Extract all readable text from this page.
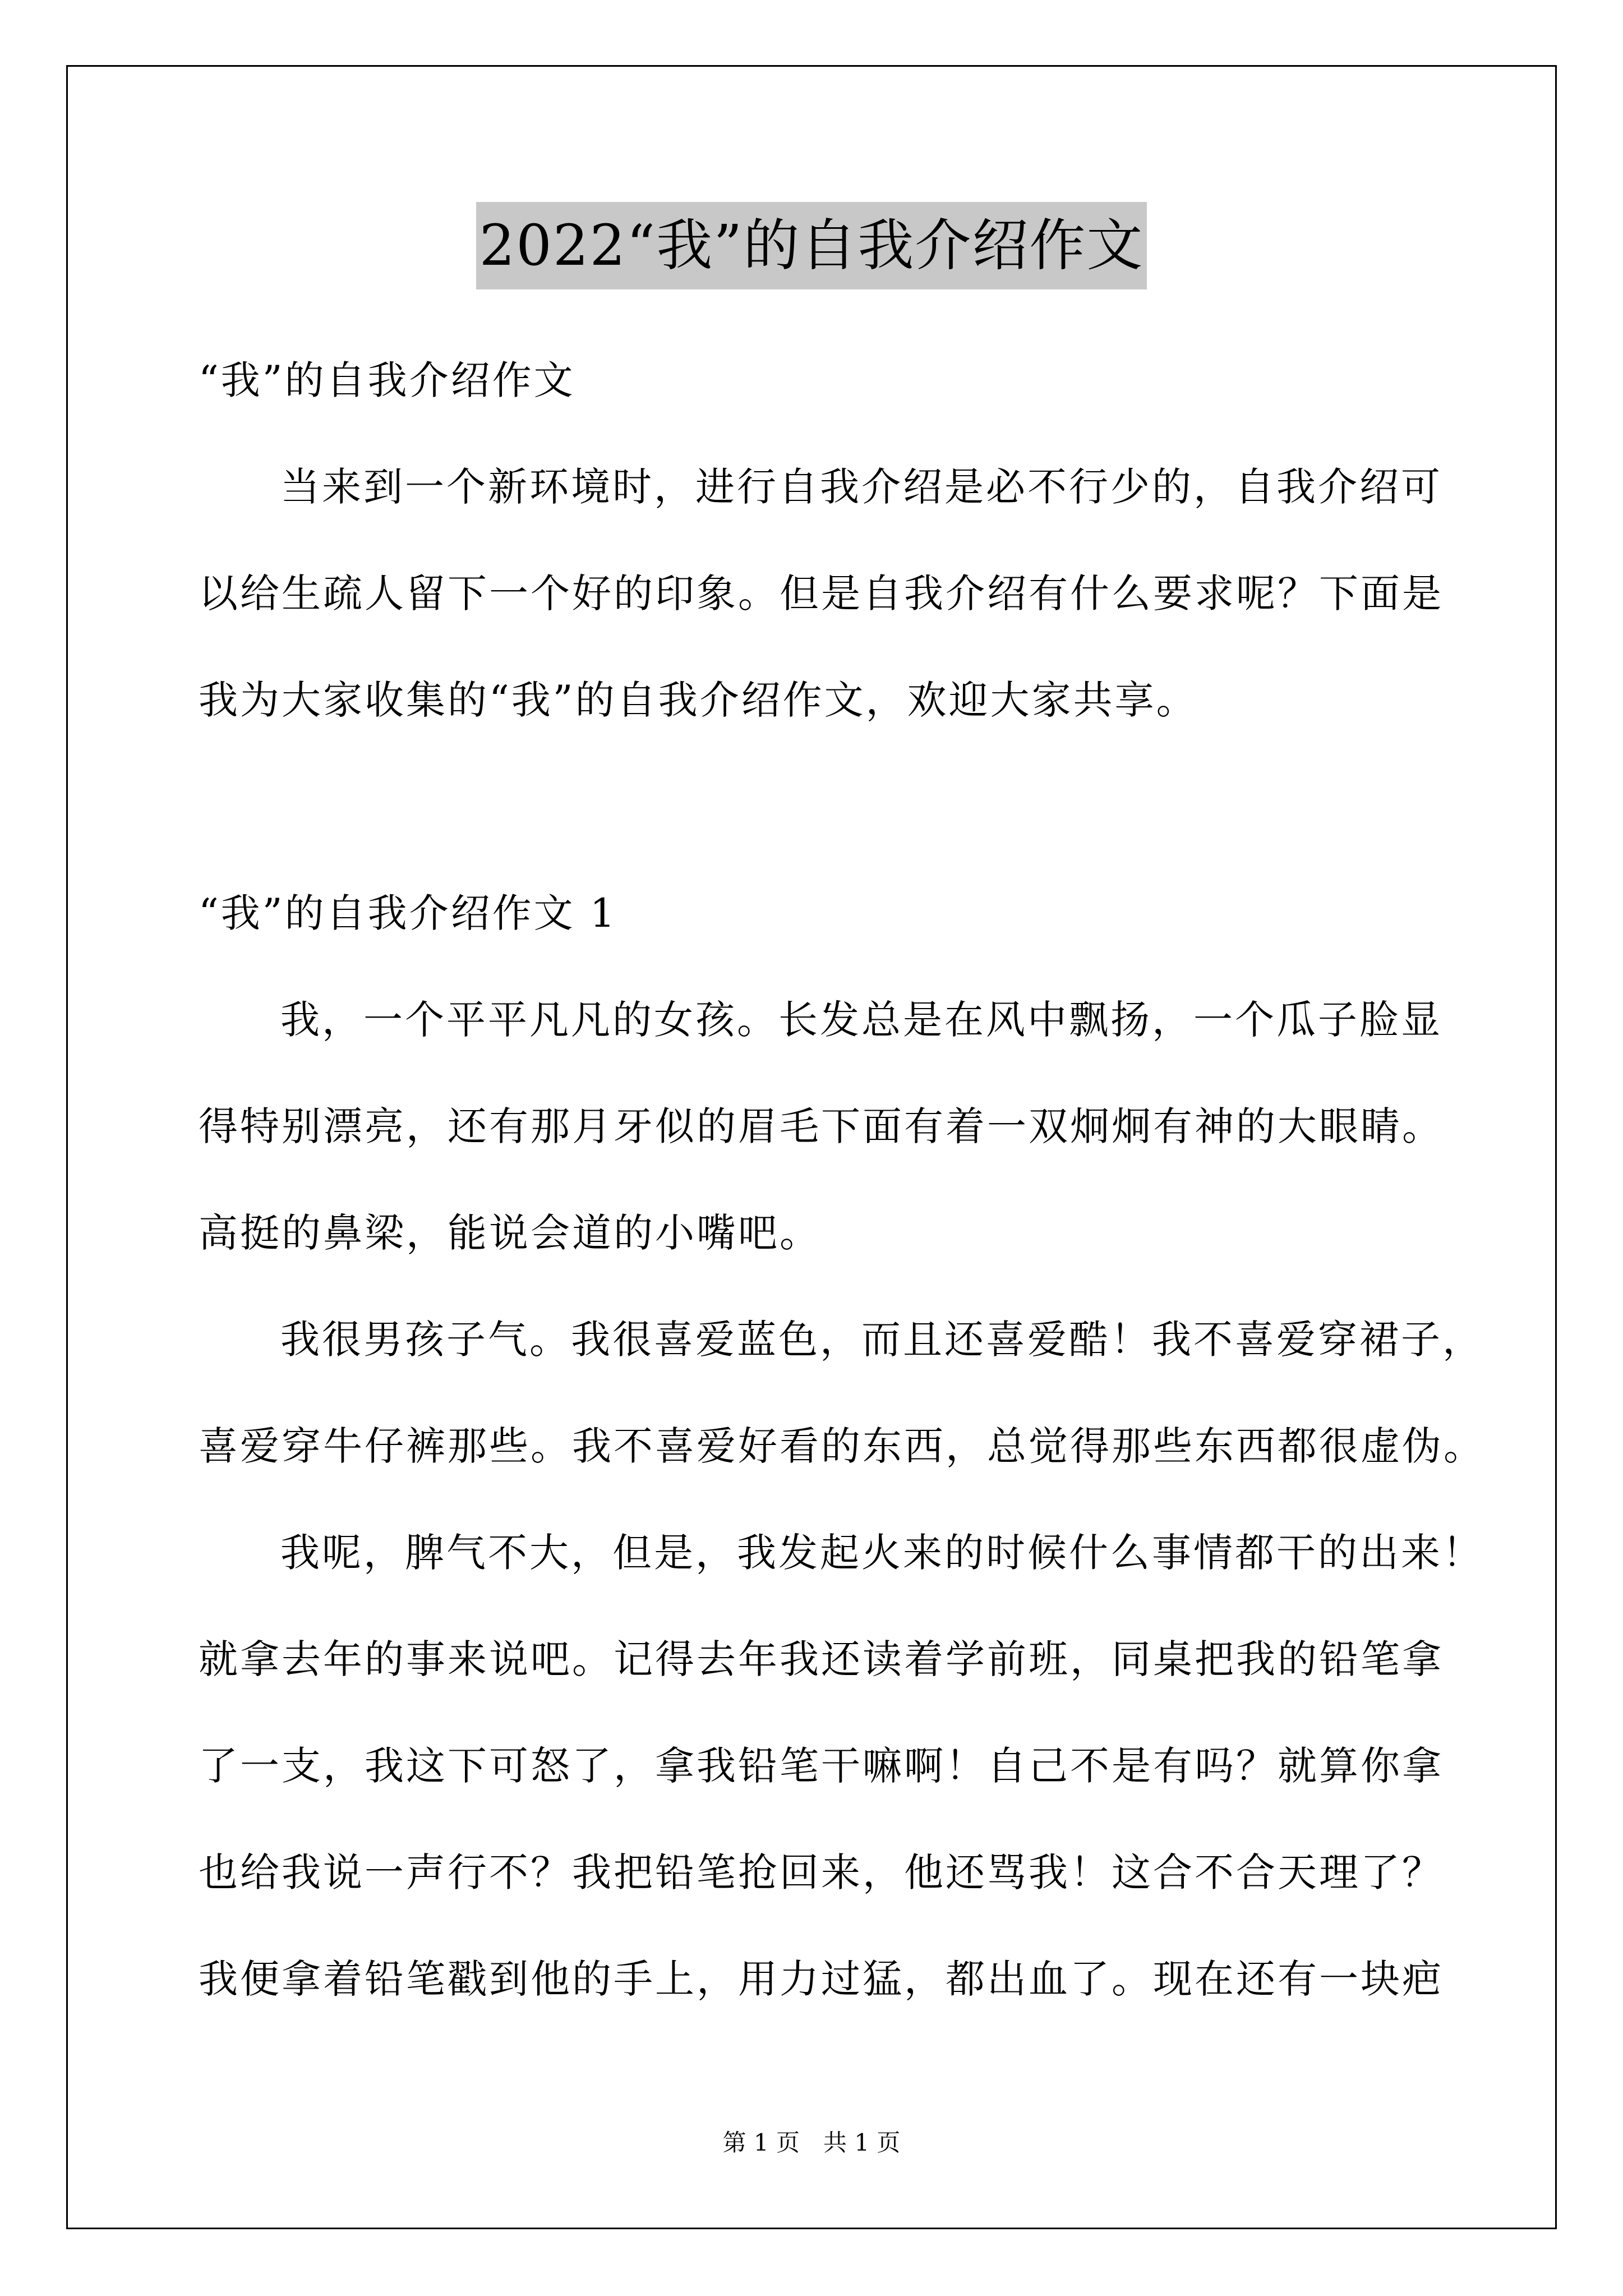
2022“我”的自我介绍作文
“我”的自我介绍作文
当来到一个新环境时，进行自我介绍是必不行少的，自我介绍可
以给生疏人留下一个好的印象。但是自我介绍有什么要求呢？下面是
我为大家收集的“我”的自我介绍作文，欢迎大家共享。
“我”的自我介绍作文 1
我，一个平平凡凡的女孩。长发总是在风中飘扬，一个瓜子脸显
得特别漂亮，还有那月牙似的眉毛下面有着一双炯炯有神的大眼睛。
高挺的鼻梁，能说会道的小嘴吧。
我很男孩子气。我很喜爱蓝色，而且还喜爱酷！我不喜爱穿裙子，
喜爱穿牛仔裤那些。我不喜爱好看的东西，总觉得那些东西都很虚伪。
我呢，脾气不大，但是，我发起火来的时候什么事情都干的出来！
就拿去年的事来说吧。记得去年我还读着学前班，同桌把我的铅笔拿
了一支，我这下可怒了，拿我铅笔干嘛啊！自己不是有吗？就算你拿
也给我说一声行不？我把铅笔抢回来，他还骂我！这合不合天理了？
我便拿着铅笔戳到他的手上，用力过猛，都出血了。现在还有一块疤
第 1 页　共 1 页
